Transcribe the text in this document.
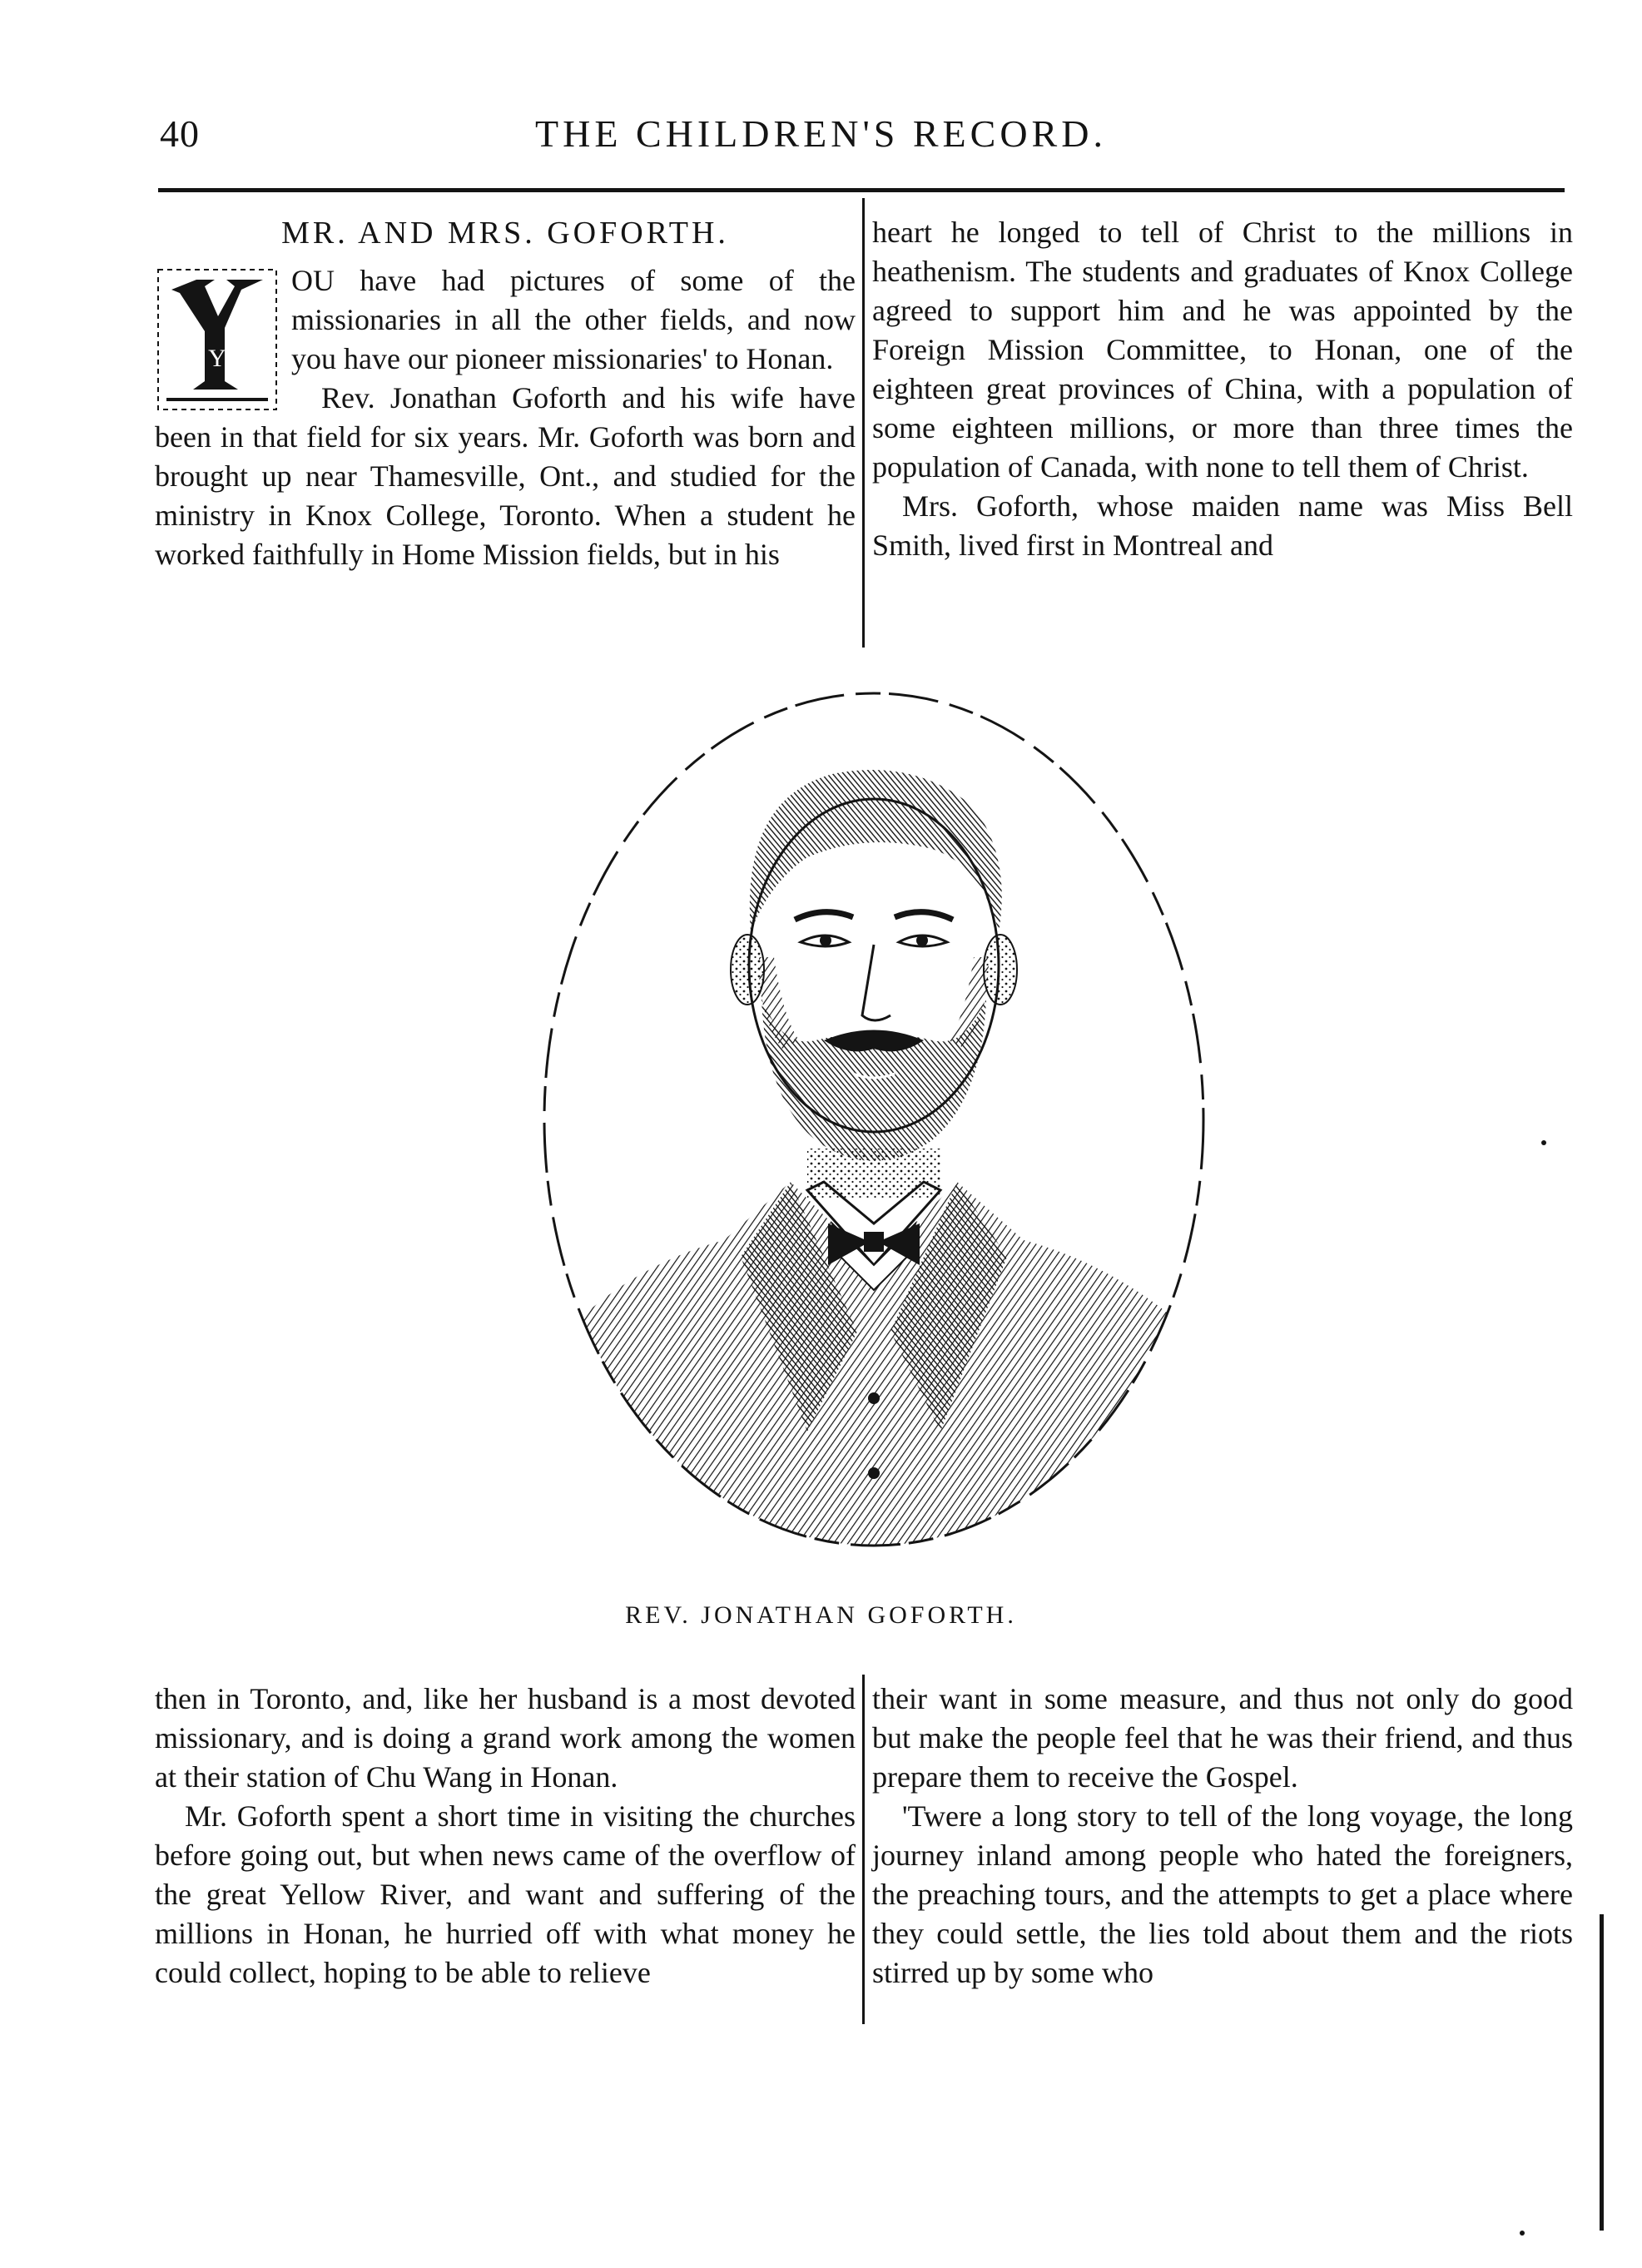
40	THE CHILDREN'S RECORD.
MR. AND MRS. GOFORTH.
Y

OU have had pictures of some of the missionaries in all the other fields, and now you have our pioneer missionaries' to Honan.

Rev. Jonathan Goforth and his wife have been in that field for six years. Mr. Goforth was born and brought up near Thamesville, Ont., and studied for the ministry in Knox College, Toronto. When a student he worked faithfully in Home Mission fields, but in his

heart he longed to tell of Christ to the millions in heathenism. The students and graduates of Knox College agreed to support him and he was appointed by the Foreign Mission Committee, to Honan, one of the eighteen great provinces of China, with a population of some eighteen millions, or more than three times the population of Canada, with none to tell them of Christ.

Mrs. Goforth, whose maiden name was Miss Bell Smith, lived first in Montreal and

REV. JONATHAN GOFORTH.

then in Toronto, and, like her husband is a most devoted missionary, and is doing a grand work among the women at their station of Chu Wang in Honan.

Mr. Goforth spent a short time in visiting the churches before going out, but when news came of the overflow of the great Yellow River, and want and suffering of the millions in Honan, he hurried off with what money he could collect, hoping to be able to relieve

their want in some measure, and thus not only do good but make the people feel that he was their friend, and thus prepare them to receive the Gospel.

'Twere a long story to tell of the long voyage, the long journey inland among people who hated the foreigners, the preaching tours, and the attempts to get a place where they could settle, the lies told about them and the riots stirred up by some who
